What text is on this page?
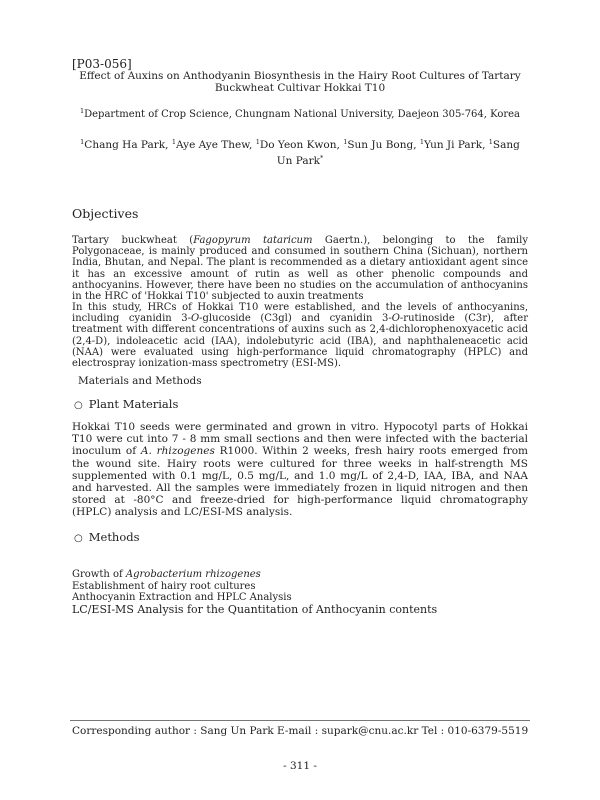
[P03-056]
Effect of Auxins on Anthodyanin Biosynthesis in the Hairy Root Cultures of Tartary
Buckwheat Cultivar Hokkai T10
$^1$Department of Crop Science, Chungnam National University, Daejeon 305-764, Korea
$^1$Chang Ha Park, $^1$Aye Aye Thew, $^1$Do Yeon Kwon, $^1$Sun Ju Bong, $^1$Yun Ji Park, $^1$Sang Un Park*
Objectives
Tartary buckwheat (Fagopyrum tataricum Gaertn.), belonging to the family Polygonaceae, is mainly produced and consumed in southern China (Sichuan), northern India, Bhutan, and Nepal. The plant is recommended as a dietary antioxidant agent since it has an excessive amount of rutin as well as other phenolic compounds and anthocyanins. However, there have been no studies on the accumulation of anthocyanins in the HRC of 'Hokkai T10' subjected to auxin treatments
In this study, HRCs of Hokkai T10 were established, and the levels of anthocyanins, including cyanidin 3-O-glucoside (C3gl) and cyanidin 3-O-rutinoside (C3r), after treatment with different concentrations of auxins such as 2,4-dichlorophenoxyacetic acid (2,4-D), indoleacetic acid (IAA), indolebutyric acid (IBA), and naphthaleneacetic acid (NAA) were evaluated using high-performance liquid chromatography (HPLC) and electrospray ionization-mass spectrometry (ESI-MS).
Materials and Methods
○ Plant Materials
Hokkai T10 seeds were germinated and grown in vitro. Hypocotyl parts of Hokkai T10 were cut into 7 - 8 mm small sections and then were infected with the bacterial inoculum of A. rhizogenes R1000. Within 2 weeks, fresh hairy roots emerged from the wound site. Hairy roots were cultured for three weeks in half-strength MS supplemented with 0.1 mg/L, 0.5 mg/L, and 1.0 mg/L of 2,4-D, IAA, IBA, and NAA and harvested. All the samples were immediately frozen in liquid nitrogen and then stored at -80°C and freeze-dried for high-performance liquid chromatography (HPLC) analysis and LC/ESI-MS analysis.
○ Methods
Growth of Agrobacterium rhizogenes
Establishment of hairy root cultures
Anthocyanin Extraction and HPLC Analysis
LC/ESI-MS Analysis for the Quantitation of Anthocyanin contents
Corresponding author : Sang Un Park E-mail : supark@cnu.ac.kr Tel : 010-6379-5519
- 311 -
